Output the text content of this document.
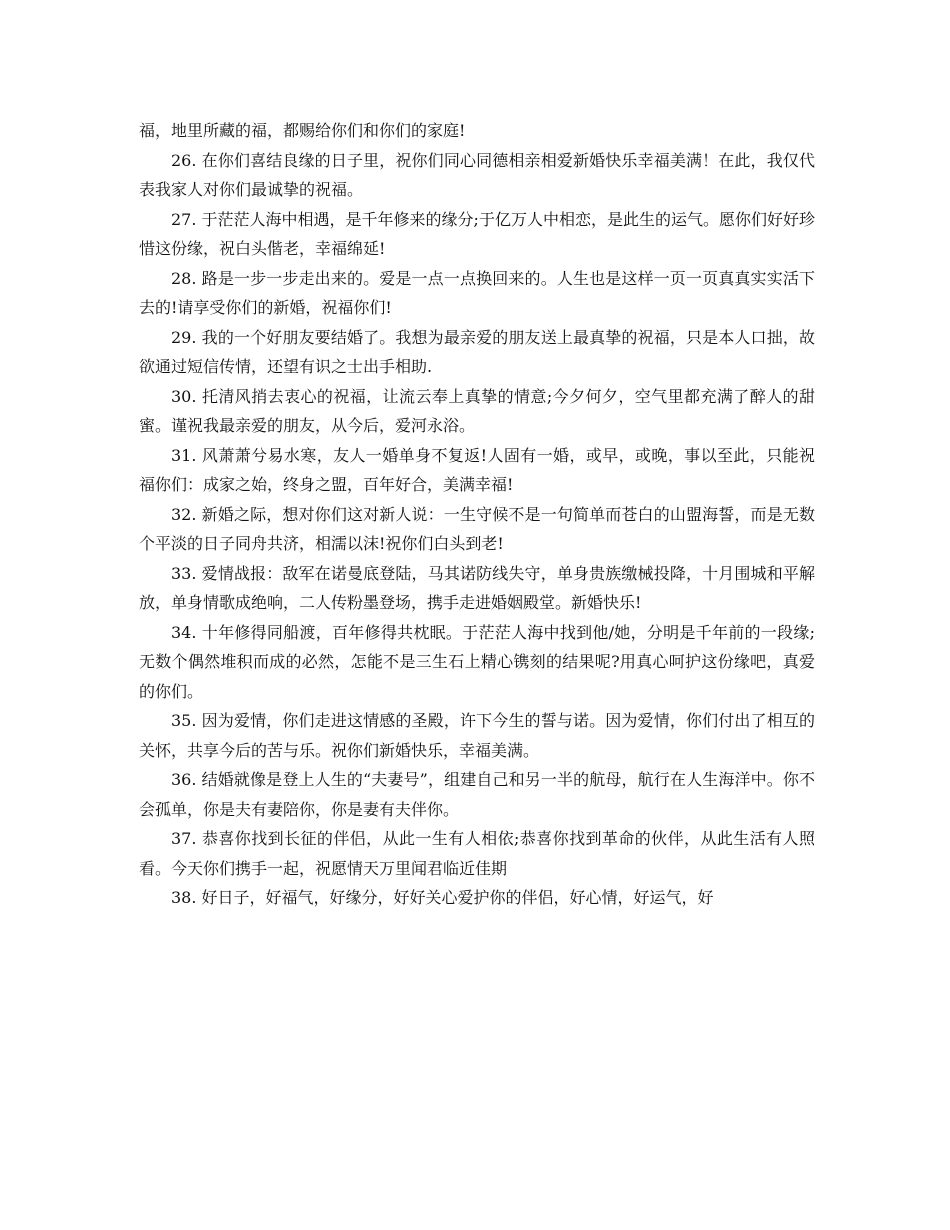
福，地里所藏的福，都赐给你们和你们的家庭!

26. 在你们喜结良缘的日子里，祝你们同心同德相亲相爱新婚快乐幸福美满！在此，我仅代表我家人对你们最诚挚的祝福。

27. 于茫茫人海中相遇，是千年修来的缘分;于亿万人中相恋，是此生的运气。愿你们好好珍惜这份缘，祝白头偕老，幸福绵延!

28. 路是一步一步走出来的。爱是一点一点换回来的。人生也是这样一页一页真真实实活下去的!请享受你们的新婚，祝福你们!

29. 我的一个好朋友要结婚了。我想为最亲爱的朋友送上最真挚的祝福，只是本人口拙，故欲通过短信传情，还望有识之士出手相助.

30. 托清风捎去衷心的祝福，让流云奉上真挚的情意;今夕何夕，空气里都充满了醉人的甜蜜。谨祝我最亲爱的朋友，从今后，爱河永浴。

31. 风萧萧兮易水寒，友人一婚单身不复返!人固有一婚，或早，或晚，事以至此，只能祝福你们：成家之始，终身之盟，百年好合，美满幸福!

32. 新婚之际，想对你们这对新人说：一生守候不是一句简单而苍白的山盟海誓，而是无数个平淡的日子同舟共济，相濡以沫!祝你们白头到老!

33. 爱情战报：敌军在诺曼底登陆，马其诺防线失守，单身贵族缴械投降，十月围城和平解放，单身情歌成绝响，二人传粉墨登场，携手走进婚姻殿堂。新婚快乐!

34. 十年修得同船渡，百年修得共枕眠。于茫茫人海中找到他/她，分明是千年前的一段缘;无数个偶然堆积而成的必然，怎能不是三生石上精心镌刻的结果呢?用真心呵护这份缘吧，真爱的你们。

35. 因为爱情，你们走进这情感的圣殿，许下今生的誓与诺。因为爱情，你们付出了相互的关怀，共享今后的苦与乐。祝你们新婚快乐，幸福美满。

36. 结婚就像是登上人生的“夫妻号”，组建自己和另一半的航母，航行在人生海洋中。你不会孤单，你是夫有妻陪你，你是妻有夫伴你。

37. 恭喜你找到长征的伴侣，从此一生有人相依;恭喜你找到革命的伙伴，从此生活有人照看。今天你们携手一起，祝愿情天万里闻君临近佳期

38. 好日子，好福气，好缘分，好好关心爱护你的伴侣，好心情，好运气，好
